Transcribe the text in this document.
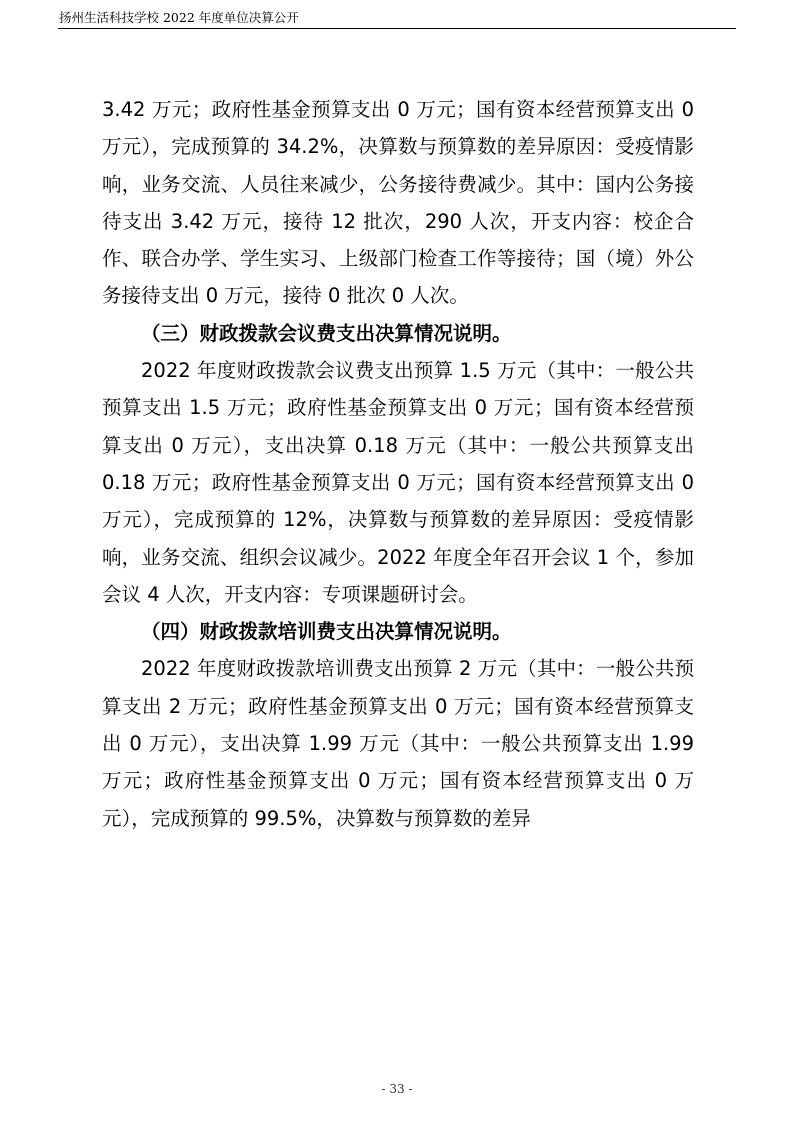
扬州生活科技学校 2022 年度单位决算公开

3.42 万元；政府性基金预算支出 0 万元；国有资本经营预算支出 0 万元），完成预算的 34.2%，决算数与预算数的差异原因：受疫情影响，业务交流、人员往来减少，公务接待费减少。其中：国内公务接待支出 3.42 万元，接待 12 批次，290 人次，开支内容：校企合作、联合办学、学生实习、上级部门检查工作等接待；国（境）外公务接待支出 0 万元，接待 0 批次 0 人次。

（三）财政拨款会议费支出决算情况说明。

2022 年度财政拨款会议费支出预算 1.5 万元（其中：一般公共预算支出 1.5 万元；政府性基金预算支出 0 万元；国有资本经营预算支出 0 万元），支出决算 0.18 万元（其中：一般公共预算支出 0.18 万元；政府性基金预算支出 0 万元；国有资本经营预算支出 0 万元），完成预算的 12%，决算数与预算数的差异原因：受疫情影响，业务交流、组织会议减少。2022 年度全年召开会议 1 个，参加会议 4 人次，开支内容：专项课题研讨会。

（四）财政拨款培训费支出决算情况说明。

2022 年度财政拨款培训费支出预算 2 万元（其中：一般公共预算支出 2 万元；政府性基金预算支出 0 万元；国有资本经营预算支出 0 万元），支出决算 1.99 万元（其中：一般公共预算支出 1.99 万元；政府性基金预算支出 0 万元；国有资本经营预算支出 0 万元），完成预算的 99.5%，决算数与预算数的差异

- 33 -
